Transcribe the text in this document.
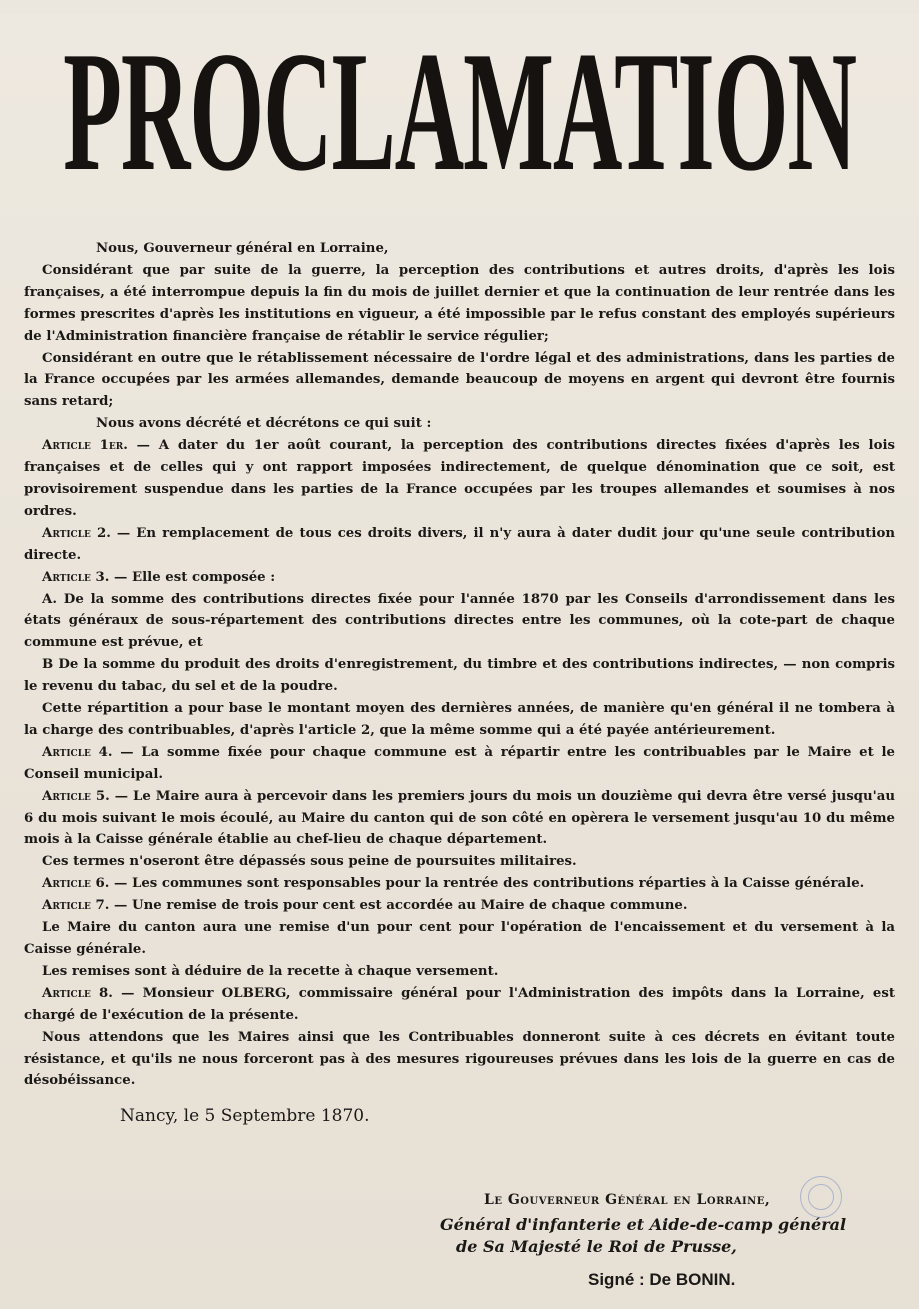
PROCLAMATION

Nous, Gouverneur général en Lorraine,

Considérant que par suite de la guerre, la perception des contributions et autres droits, d'après les lois françaises, a été interrompue depuis la fin du mois de juillet dernier et que la continuation de leur rentrée dans les formes prescrites d'après les institutions en vigueur, a été impossible par le refus constant des employés supérieurs de l'Administration financière française de rétablir le service régulier;

Considérant en outre que le rétablissement nécessaire de l'ordre légal et des administrations, dans les parties de la France occupées par les armées allemandes, demande beaucoup de moyens en argent qui devront être fournis sans retard;

Nous avons décrété et décrétons ce qui suit :

Article 1er. — A dater du 1er août courant, la perception des contributions directes fixées d'après les lois françaises et de celles qui y ont rapport imposées indirectement, de quelque dénomination que ce soit, est provisoirement suspendue dans les parties de la France occupées par les troupes allemandes et soumises à nos ordres.

Article 2. — En remplacement de tous ces droits divers, il n'y aura à dater dudit jour qu'une seule contribution directe.

Article 3. — Elle est composée :

A. De la somme des contributions directes fixée pour l'année 1870 par les Conseils d'arrondissement dans les états généraux de sous-répartement des contributions directes entre les communes, où la cote-part de chaque commune est prévue, et

B De la somme du produit des droits d'enregistrement, du timbre et des contributions indirectes, — non compris le revenu du tabac, du sel et de la poudre.

Cette répartition a pour base le montant moyen des dernières années, de manière qu'en général il ne tombera à la charge des contribuables, d'après l'article 2, que la même somme qui a été payée antérieurement.

Article 4. — La somme fixée pour chaque commune est à répartir entre les contribuables par le Maire et le Conseil municipal.

Article 5. — Le Maire aura à percevoir dans les premiers jours du mois un douzième qui devra être versé jusqu'au 6 du mois suivant le mois écoulé, au Maire du canton qui de son côté en opèrera le versement jusqu'au 10 du même mois à la Caisse générale établie au chef-lieu de chaque département.

Ces termes n'oseront être dépassés sous peine de poursuites militaires.

Article 6. — Les communes sont responsables pour la rentrée des contributions réparties à la Caisse générale.

Article 7. — Une remise de trois pour cent est accordée au Maire de chaque commune.

Le Maire du canton aura une remise d'un pour cent pour l'opération de l'encaissement et du versement à la Caisse générale.

Les remises sont à déduire de la recette à chaque versement.

Article 8. — Monsieur OLBERG, commissaire général pour l'Administration des impôts dans la Lorraine, est chargé de l'exécution de la présente.

Nous attendons que les Maires ainsi que les Contribuables donneront suite à ces décrets en évitant toute résistance, et qu'ils ne nous forceront pas à des mesures rigoureuses prévues dans les lois de la guerre en cas de désobéissance.

Nancy, le 5 Septembre 1870.
Le Gouverneur Général en Lorraine,
Général d'infanterie et Aide-de-camp général
de Sa Majesté le Roi de Prusse,
Signé : De BONIN.
